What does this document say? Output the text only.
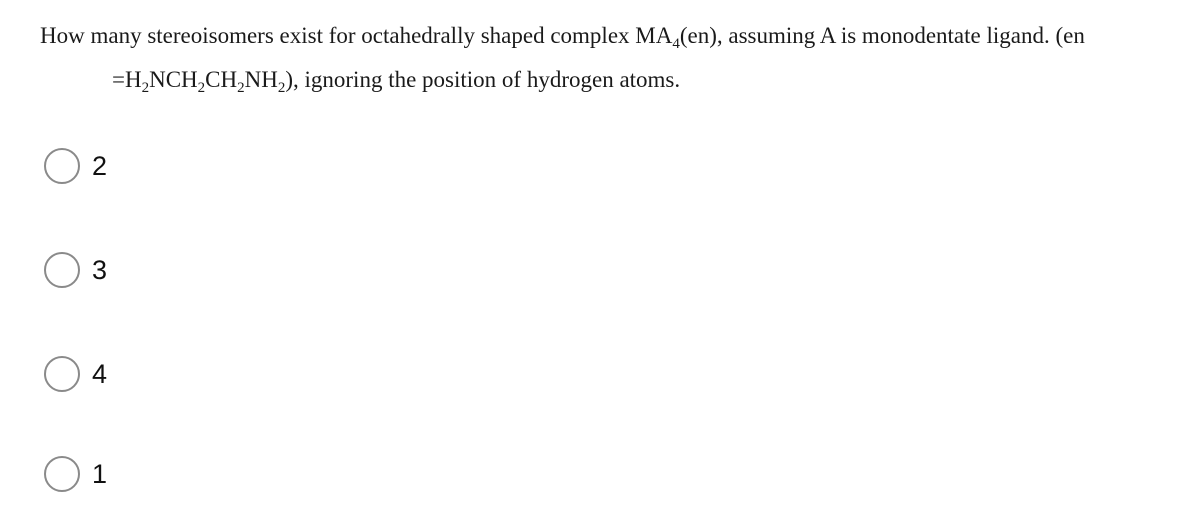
How many stereoisomers exist for octahedrally shaped complex $MA_4(en)$, assuming A is monodentate ligand. (en
$=H_2NCH_2CH_2NH_2$), ignoring the position of hydrogen atoms.
2
3
4
1
